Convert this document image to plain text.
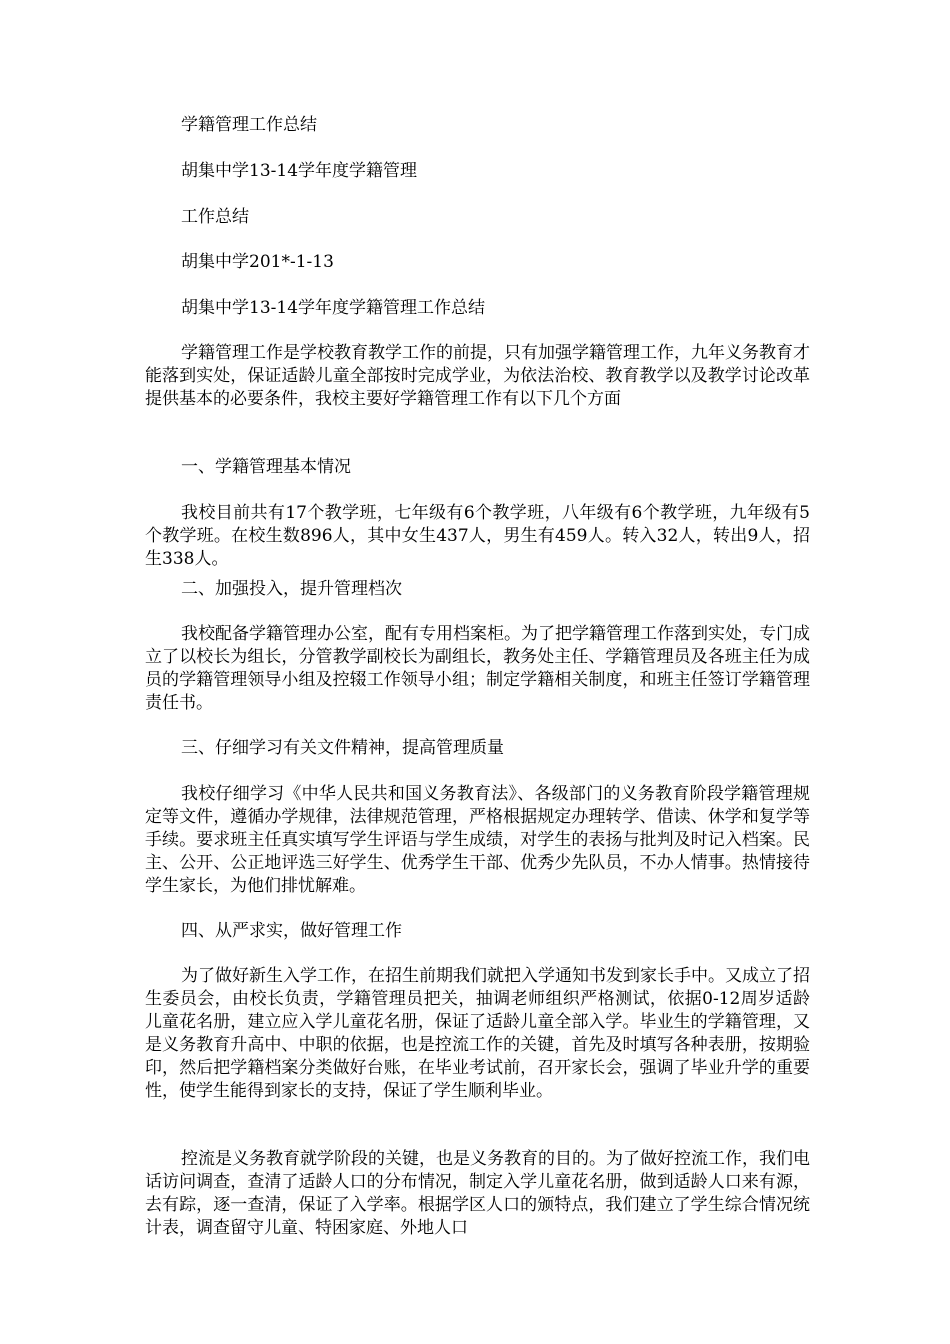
学籍管理工作总结

胡集中学13-14学年度学籍管理

工作总结

胡集中学201*-1-13

胡集中学13-14学年度学籍管理工作总结

学籍管理工作是学校教育教学工作的前提，只有加强学籍管理工作，九年义务教育才能落到实处，保证适龄儿童全部按时完成学业，为依法治校、教育教学以及教学讨论改革提供基本的必要条件，我校主要好学籍管理工作有以下几个方面

一、学籍管理基本情况

我校目前共有17个教学班，七年级有6个教学班，八年级有6个教学班，九年级有5个教学班。在校生数896人，其中女生437人，男生有459人。转入32人，转出9人，招生338人。

二、加强投入，提升管理档次

我校配备学籍管理办公室，配有专用档案柜。为了把学籍管理工作落到实处，专门成立了以校长为组长，分管教学副校长为副组长，教务处主任、学籍管理员及各班主任为成员的学籍管理领导小组及控辍工作领导小组；制定学籍相关制度，和班主任签订学籍管理责任书。

三、仔细学习有关文件精神，提高管理质量

我校仔细学习《中华人民共和国义务教育法》、各级部门的义务教育阶段学籍管理规定等文件，遵循办学规律，法律规范管理，严格根据规定办理转学、借读、休学和复学等手续。要求班主任真实填写学生评语与学生成绩，对学生的表扬与批判及时记入档案。民主、公开、公正地评选三好学生、优秀学生干部、优秀少先队员，不办人情事。热情接待学生家长，为他们排忧解难。

四、从严求实，做好管理工作

为了做好新生入学工作，在招生前期我们就把入学通知书发到家长手中。又成立了招生委员会，由校长负责，学籍管理员把关，抽调老师组织严格测试，依据0-12周岁适龄儿童花名册，建立应入学儿童花名册，保证了适龄儿童全部入学。毕业生的学籍管理，又是义务教育升高中、中职的依据，也是控流工作的关键，首先及时填写各种表册，按期验印，然后把学籍档案分类做好台账，在毕业考试前，召开家长会，强调了毕业升学的重要性，使学生能得到家长的支持，保证了学生顺利毕业。

控流是义务教育就学阶段的关键，也是义务教育的目的。为了做好控流工作，我们电话访问调查，查清了适龄人口的分布情况，制定入学儿童花名册，做到适龄人口来有源，去有踪，逐一查清，保证了入学率。根据学区人口的颁特点，我们建立了学生综合情况统计表，调查留守儿童、特困家庭、外地人口
